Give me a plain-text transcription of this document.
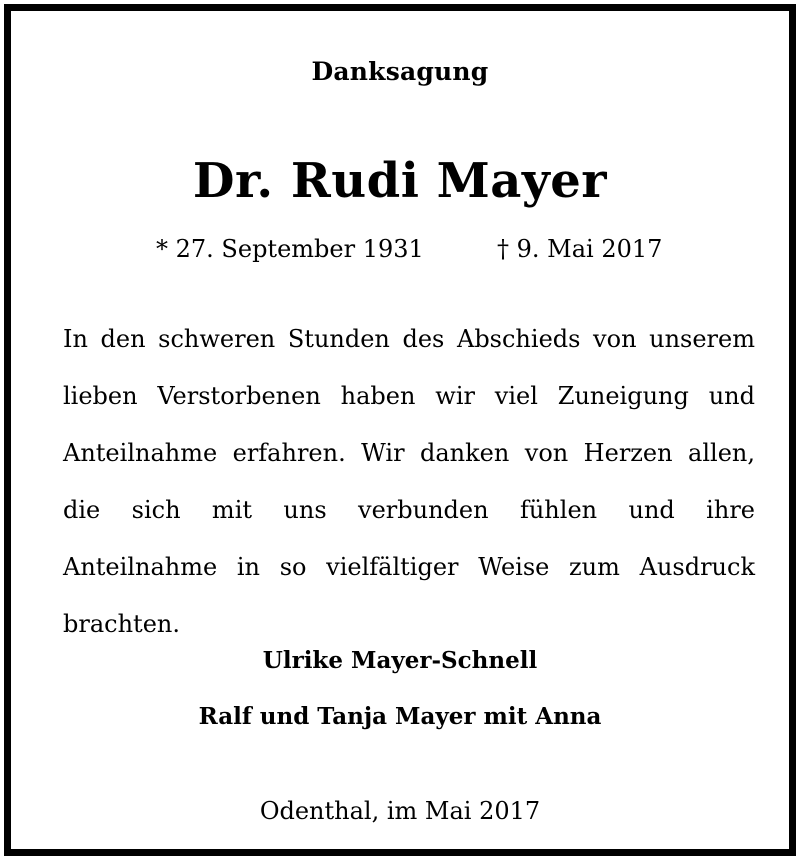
Danksagung
Dr. Rudi Mayer
* 27. September 1931	† 9. Mai 2017
In den schweren Stunden des Abschieds von unserem lieben Verstorbenen haben wir viel Zuneigung und Anteilnahme erfahren. Wir danken von Herzen allen, die sich mit uns verbunden fühlen und ihre Anteilnahme in so vielfältiger Weise zum Ausdruck brachten.
Ulrike Mayer-Schnell
Ralf und Tanja Mayer mit Anna
Odenthal, im Mai 2017
